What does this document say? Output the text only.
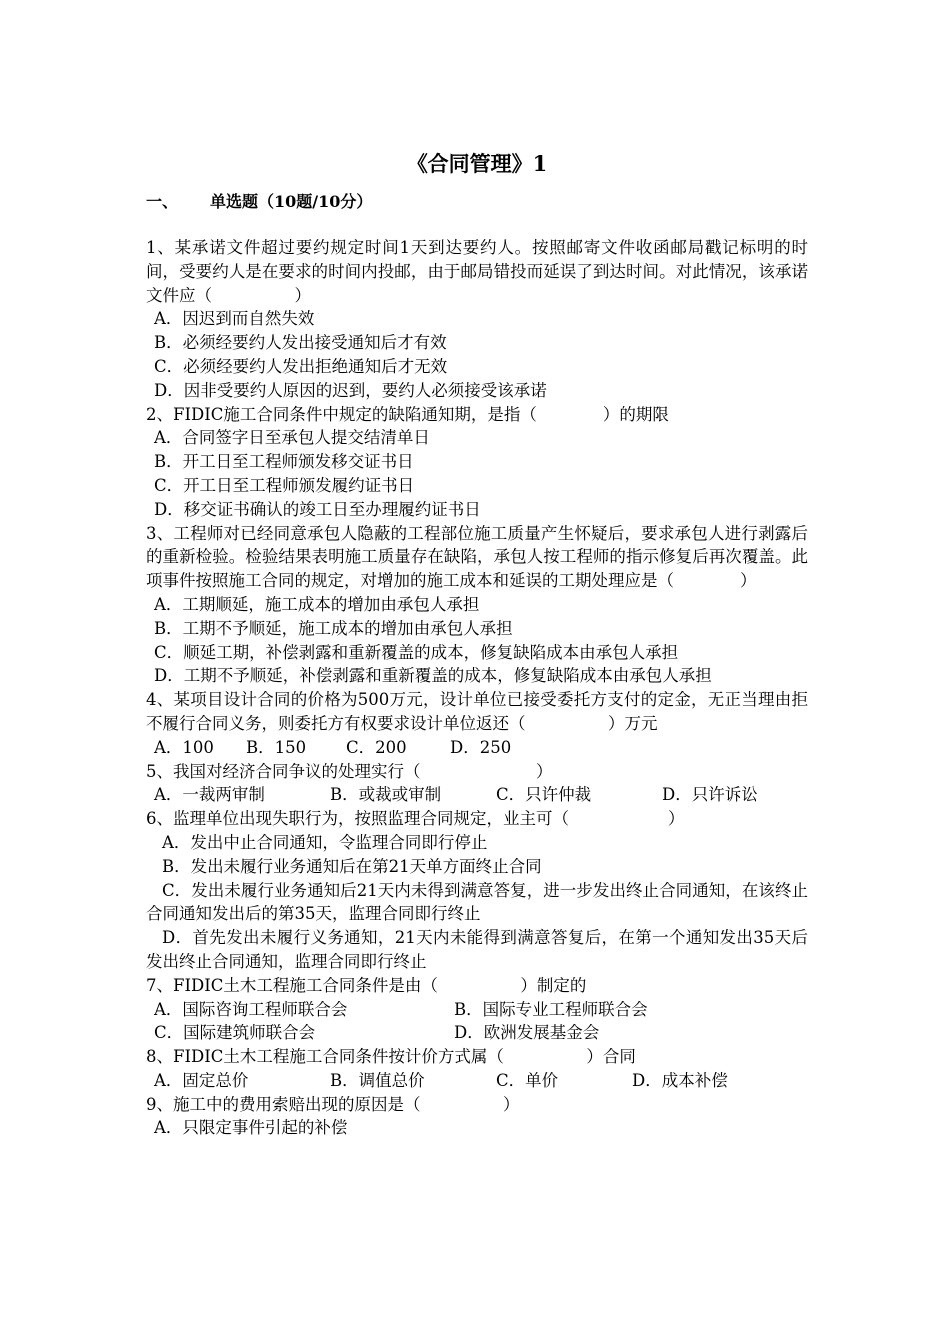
《合同管理》1
一、	单选题（10题/10分）

1、某承诺文件超过要约规定时间1天到达要约人。按照邮寄文件收函邮局戳记标明的时间，受要约人是在要求的时间内投邮，由于邮局错投而延误了到达时间。对此情况，该承诺文件应（　　　　　）

A．因迟到而自然失效

B．必须经要约人发出接受通知后才有效

C．必须经要约人发出拒绝通知后才无效

D．因非受要约人原因的迟到，要约人必须接受该承诺

2、FIDIC施工合同条件中规定的缺陷通知期，是指（　　　　）的期限

A．合同签字日至承包人提交结清单日

B．开工日至工程师颁发移交证书日

C．开工日至工程师颁发履约证书日

D．移交证书确认的竣工日至办理履约证书日

3、工程师对已经同意承包人隐蔽的工程部位施工质量产生怀疑后，要求承包人进行剥露后的重新检验。检验结果表明施工质量存在缺陷，承包人按工程师的指示修复后再次覆盖。此项事件按照施工合同的规定，对增加的施工成本和延误的工期处理应是（　　　　）

A．工期顺延，施工成本的增加由承包人承担

B．工期不予顺延，施工成本的增加由承包人承担

C．顺延工期，补偿剥露和重新覆盖的成本，修复缺陷成本由承包人承担

D．工期不予顺延，补偿剥露和重新覆盖的成本，修复缺陷成本由承包人承担

4、某项目设计合同的价格为500万元，设计单位已接受委托方支付的定金，无正当理由拒不履行合同义务，则委托方有权要求设计单位返还（　　　　　）万元

A．100	B．150	C．200	D．250

5、我国对经济合同争议的处理实行（　　　　　　　）

A．一裁两审制	B．或裁或审制	C．只许仲裁	D．只许诉讼

6、监理单位出现失职行为，按照监理合同规定，业主可（　　　　　　）

A．发出中止合同通知，令监理合同即行停止

B．发出未履行业务通知后在第21天单方面终止合同

C．发出未履行业务通知后21天内未得到满意答复，进一步发出终止合同通知，在该终止合同通知发出后的第35天，监理合同即行终止

D．首先发出未履行义务通知，21天内未能得到满意答复后，在第一个通知发出35天后发出终止合同通知，监理合同即行终止

7、FIDIC土木工程施工合同条件是由（　　　　　）制定的

A．国际咨询工程师联合会	B．国际专业工程师联合会
C．国际建筑师联合会	D．欧洲发展基金会

8、FIDIC土木工程施工合同条件按计价方式属（　　　　　）合同

A．固定总价	B．调值总价	C．单价	D．成本补偿

9、施工中的费用索赔出现的原因是（　　　　　）

A．只限定事件引起的补偿
